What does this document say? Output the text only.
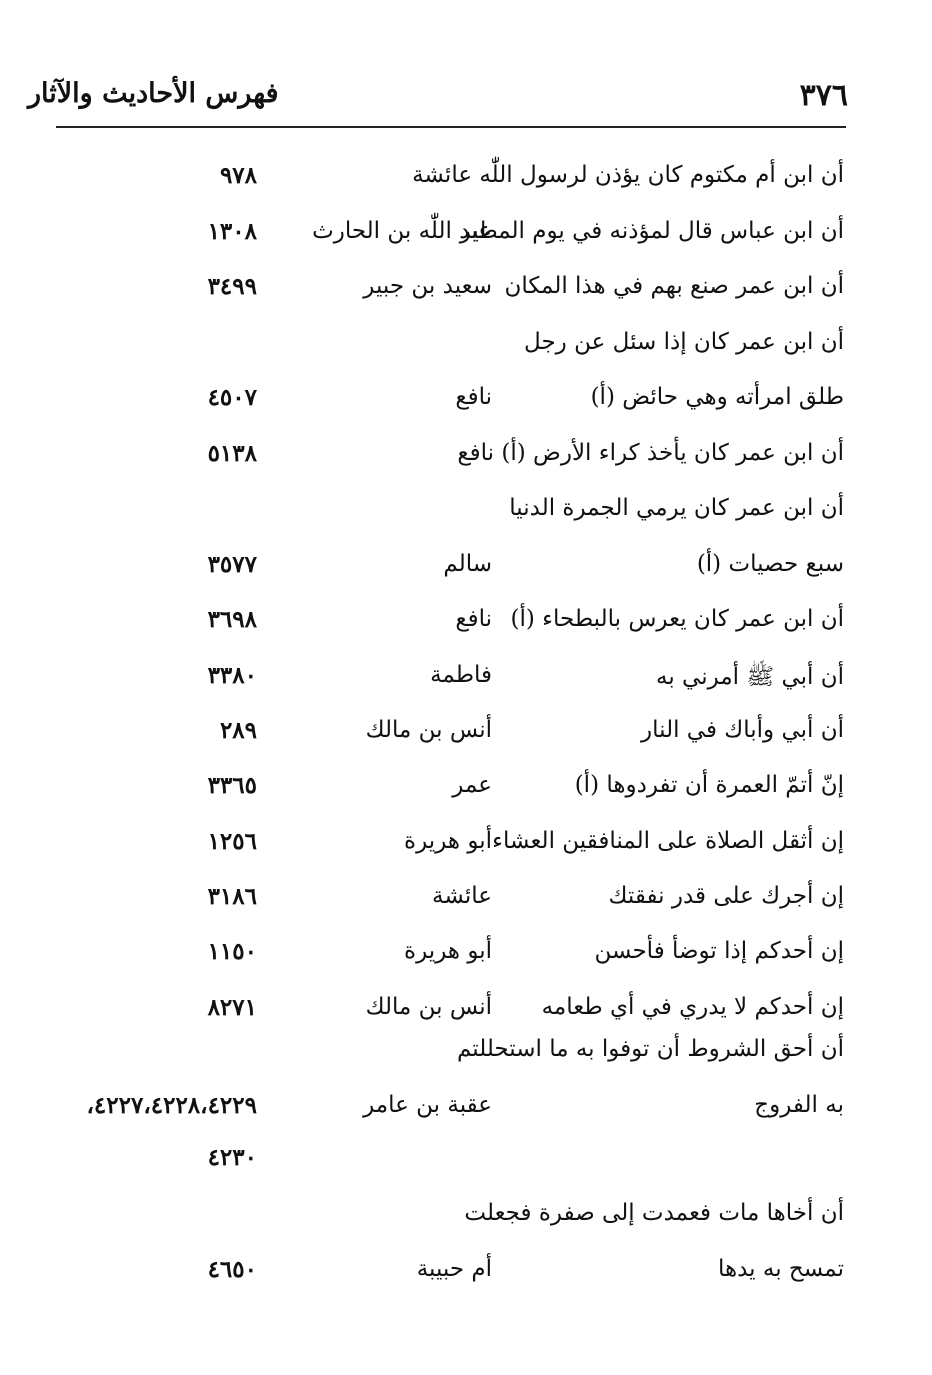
٣٧٦
فهرس الأحاديث والآثار
أن ابن أم مكتوم كان يؤذن لرسول اللّٰه عائشة
٩٧٨
أن ابن عباس قال لمؤذنه في يوم المطير
عبد اللّٰه بن الحارث
١٣٠٨
أن ابن عمر صنع بهم في هذا المكان
سعيد بن جبير
٣٤٩٩
أن ابن عمر كان إذا سئل عن رجل
طلق امرأته وهي حائض (أ)
نافع
٤٥٠٧
أن ابن عمر كان يأخذ كراء الأرض (أ) نافع
٥١٣٨
أن ابن عمر كان يرمي الجمرة الدنيا
سبع حصيات (أ)
سالم
٣٥٧٧
أن ابن عمر كان يعرس بالبطحاء (أ)
نافع
٣٦٩٨
أن أبي ﷺ أمرني به
فاطمة
٣٣٨٠
أن أبي وأباك في النار
أنس بن مالك
٢٨٩
إنّ أتمّ العمرة أن تفردوها (أ)
عمر
٣٣٦٥
إن أثقل الصلاة على المنافقين العشاء
أبو هريرة
١٢٥٦
إن أجرك على قدر نفقتك
عائشة
٣١٨٦
إن أحدكم إذا توضأ فأحسن
أبو هريرة
١١٥٠
إن أحدكم لا يدري في أي طعامه
أنس بن مالك
٨٢٧١
أن أحق الشروط أن توفوا به ما استحللتم
به الفروج
عقبة بن عامر
٤٢٢٧،٤٢٢٨،٤٢٢٩،
٤٢٣٠
أن أخاها مات فعمدت إلى صفرة فجعلت
تمسح به يدها
أم حبيبة
٤٦٥٠
